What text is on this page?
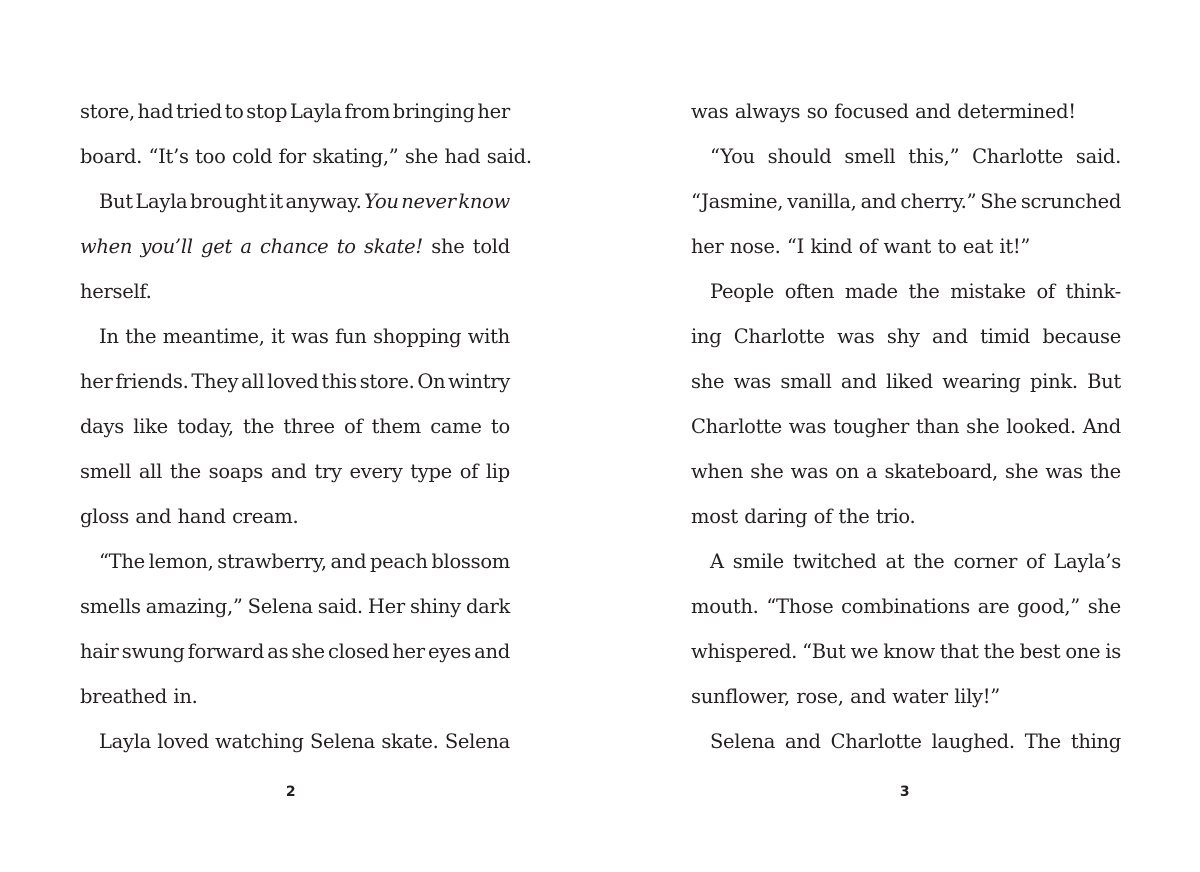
store, had tried to stop Layla from bringing her
board. “It’s too cold for skating,” she had said.
But Layla brought it anyway. You never know
when you’ll get a chance to skate! she told
herself.
In the meantime, it was fun shopping with
her friends. They all loved this store. On wintry
days like today, the three of them came to
smell all the soaps and try every type of lip
gloss and hand cream.
“The lemon, strawberry, and peach blossom
smells amazing,” Selena said. Her shiny dark
hair swung forward as she closed her eyes and
breathed in.
Layla loved watching Selena skate. Selena
2
was always so focused and determined!
“You should smell this,” Charlotte said.
“Jasmine, vanilla, and cherry.” She scrunched
her nose. “I kind of want to eat it!”
People often made the mistake of think-
ing Charlotte was shy and timid because
she was small and liked wearing pink. But
Charlotte was tougher than she looked. And
when she was on a skateboard, she was the
most daring of the trio.
A smile twitched at the corner of Layla’s
mouth. “Those combinations are good,” she
whispered. “But we know that the best one is
sunflower, rose, and water lily!”
Selena and Charlotte laughed. The thing
3
